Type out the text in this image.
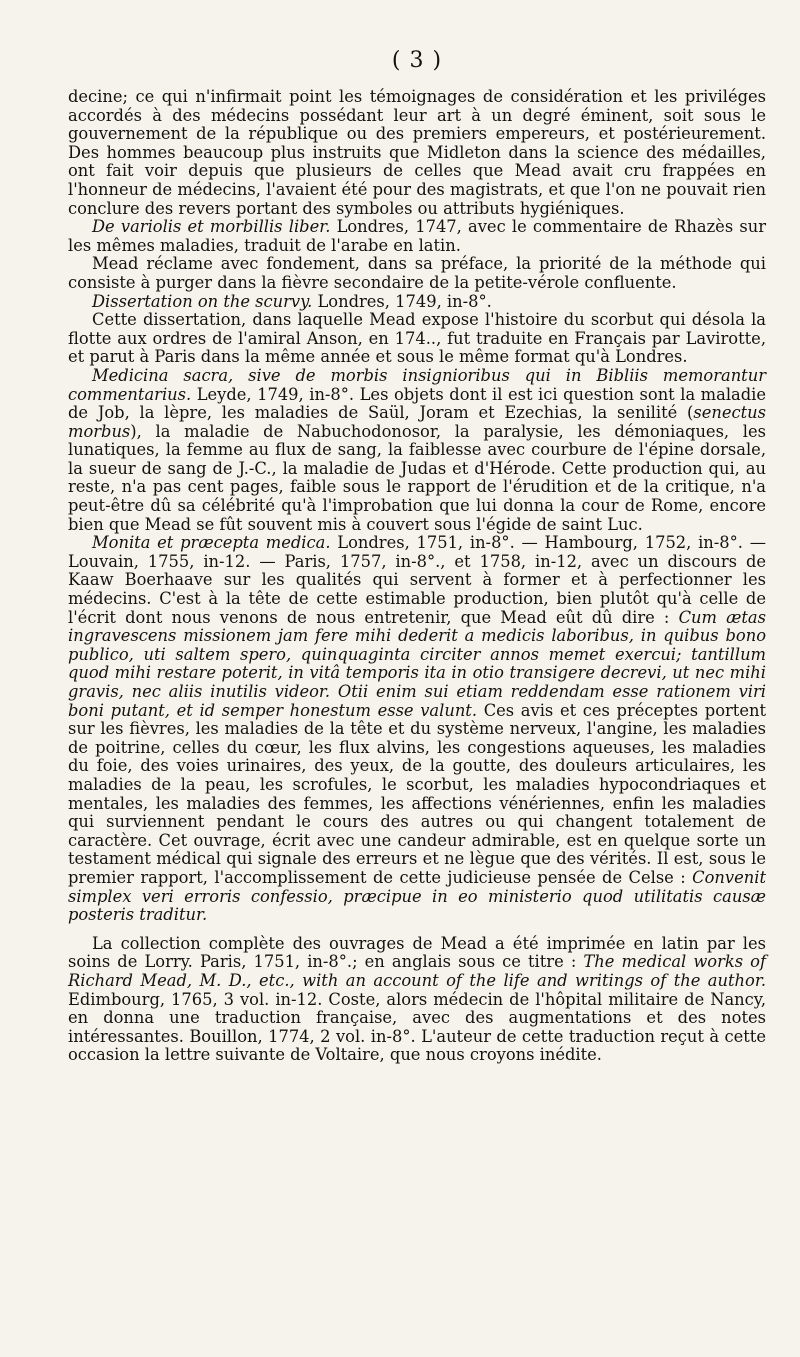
( 3 )

decine; ce qui n'infirmait point les témoignages de considération et les priviléges accordés à des médecins possédant leur art à un degré éminent, soit sous le gouvernement de la république ou des premiers empereurs, et postérieurement. Des hommes beaucoup plus instruits que Midleton dans la science des médailles, ont fait voir depuis que plusieurs de celles que Mead avait cru frappées en l'honneur de médecins, l'avaient été pour des magistrats, et que l'on ne pouvait rien conclure des revers portant des symboles ou attributs hygiéniques.

De variolis et morbillis liber. Londres, 1747, avec le commentaire de Rhazès sur les mêmes maladies, traduit de l'arabe en latin.

Mead réclame avec fondement, dans sa préface, la priorité de la méthode qui consiste à purger dans la fièvre secondaire de la petite-vérole confluente.

Dissertation on the scurvy. Londres, 1749, in-8°.

Cette dissertation, dans laquelle Mead expose l'histoire du scorbut qui désola la flotte aux ordres de l'amiral Anson, en 174.., fut traduite en Français par Lavirotte, et parut à Paris dans la même année et sous le même format qu'à Londres.

Medicina sacra, sive de morbis insignioribus qui in Bibliis memorantur commentarius. Leyde, 1749, in-8°. Les objets dont il est ici question sont la maladie de Job, la lèpre, les maladies de Saül, Joram et Ezechias, la senilité (senectus morbus), la maladie de Nabuchodonosor, la paralysie, les démoniaques, les lunatiques, la femme au flux de sang, la faiblesse avec courbure de l'épine dorsale, la sueur de sang de J.-C., la maladie de Judas et d'Hérode. Cette production qui, au reste, n'a pas cent pages, faible sous le rapport de l'érudition et de la critique, n'a peut-être dû sa célébrité qu'à l'improbation que lui donna la cour de Rome, encore bien que Mead se fût souvent mis à couvert sous l'égide de saint Luc.

Monita et præcepta medica. Londres, 1751, in-8°. — Hambourg, 1752, in-8°. — Louvain, 1755, in-12. — Paris, 1757, in-8°., et 1758, in-12, avec un discours de Kaaw Boerhaave sur les qualités qui servent à former et à perfectionner les médecins. C'est à la tête de cette estimable production, bien plutôt qu'à celle de l'écrit dont nous venons de nous entretenir, que Mead eût dû dire : Cum ætas ingravescens missionem jam fere mihi dederit a medicis laboribus, in quibus bono publico, uti saltem spero, quinquaginta circiter annos memet exercui; tantillum quod mihi restare poterit, in vitâ temporis ita in otio transigere decrevi, ut nec mihi gravis, nec aliis inutilis videor. Otii enim sui etiam reddendam esse rationem viri boni putant, et id semper honestum esse valunt. Ces avis et ces préceptes portent sur les fièvres, les maladies de la tête et du système nerveux, l'angine, les maladies de poitrine, celles du cœur, les flux alvins, les congestions aqueuses, les maladies du foie, des voies urinaires, des yeux, de la goutte, des douleurs articulaires, les maladies de la peau, les scrofules, le scorbut, les maladies hypocondriaques et mentales, les maladies des femmes, les affections vénériennes, enfin les maladies qui surviennent pendant le cours des autres ou qui changent totalement de caractère. Cet ouvrage, écrit avec une candeur admirable, est en quelque sorte un testament médical qui signale des erreurs et ne lègue que des vérités. Il est, sous le premier rapport, l'accomplissement de cette judicieuse pensée de Celse : Convenit simplex veri erroris confessio, præcipue in eo ministerio quod utilitatis causæ posteris traditur.

La collection complète des ouvrages de Mead a été imprimée en latin par les soins de Lorry. Paris, 1751, in-8°.; en anglais sous ce titre : The medical works of Richard Mead, M. D., etc., with an account of the life and writings of the author. Edimbourg, 1765, 3 vol. in-12. Coste, alors médecin de l'hôpital militaire de Nancy, en donna une traduction française, avec des augmentations et des notes intéressantes. Bouillon, 1774, 2 vol. in-8°. L'auteur de cette traduction reçut à cette occasion la lettre suivante de Voltaire, que nous croyons inédite.
